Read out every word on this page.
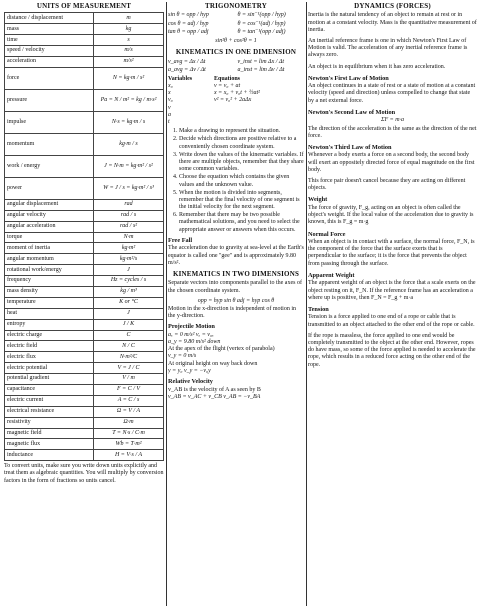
UNITS OF MEASUREMENT
distance / displacement	m
mass	kg
time	s
speed / velocity	m/s
acceleration	m/s²
force	N = kg·m / s²
pressure	Pa = N / m² = kg / m·s²
impulse	N·s = kg·m / s
momentum	kg·m / s
work / energy	J = N·m = kg·m² / s²
power	W = J / s = kg·m² / s³
angular displacement	rad
angular velocity	rad / s
angular acceleration	rad / s²
torque	N·m
moment of inertia	kg·m²
angular momentum	kg·m²/s
rotational work/energy	J
frequency	Hz = cycles / s
mass density	kg / m³
temperature	K or °C
heat	J
entropy	J / K
electric charge	C
electric field	N / C
electric flux	N·m²/C
electric potential	V = J / C
potential gradient	V / m
capacitance	F = C / V
electric current	A = C / s
electrical resistance	Ω = V / A
resistivity	Ω·m
magnetic field	T = N·s / C·m
magnetic flux	Wb = T·m²
inductance	H = V·s / A

To convert units, make sure you write down units explicitly and treat them as algebraic quantities. You will multiply by conversion factors in the form of fractions so units cancel.

TRIGONOMETRY
sin θ = opp / hyp	θ = sin⁻¹(opp / hyp)
cos θ = adj / hyp	θ = cos⁻¹(adj / hyp)
tan θ = opp / adj	θ = tan⁻¹(opp / adj)
sin²θ + cos²θ = 1
KINEMATICS IN ONE DIMENSION
v_avg = Δx / Δt	v_inst = lim Δx / Δt
a_avg = Δv / Δt	a_inst = lim Δv / Δt
Variables	Equations
x₀	v = v₀ + at
x	x = x₀ + v₀t + ½at²
v₀	v² = v₀² + 2aΔx
v
a
t
1. Make a drawing to represent the situation.
2. Decide which directions are positive relative to a conveniently chosen coordinate system.
3. Write down the values of the kinematic variables. If there are multiple objects, remember that they share some common variables.
4. Choose the equation which contains the given values and the unknown value.
5. When the motion is divided into segments, remember that the final velocity of one segment is the initial velocity for the next segment.
6. Remember that there may be two possible mathematical solutions, and you need to select the appropriate answer or answers when this occurs.
Free Fall

The acceleration due to gravity at sea-level at the Earth's equator is called one "gee" and is approximately 9.80 m/s².

KINEMATICS IN TWO DIMENSIONS

Separate vectors into components parallel to the axes of the chosen coordinate system.

opp = hyp sin θ adj = hyp cos θ

Motion in the x-direction is independent of motion in the y-direction.

Projectile Motion
aₓ = 0 m/s² vₓ = v₀ₓ
a_y = 9.80 m/s² down
At the apex of the flight (vertex of parabola)
v_y = 0 m/s
At original height on way back down
y = y₀ v_y = −v₀y
Relative Velocity
v_AB is the velocity of A as seen by B
v_AB = v_AC + v_CB v_AB = −v_BA
DYNAMICS (FORCES)

Inertia is the natural tendency of an object to remain at rest or in motion at a constant velocity. Mass is the quantitative measurement of inertia.

An inertial reference frame is one in which Newton's First Law of Motion is valid. The acceleration of any inertial reference frame is always zero.

An object is in equilibrium when it has zero acceleration.

Newton's First Law of Motion

An object continues in a state of rest or a state of motion at a constant velocity (speed and direction) unless compelled to change that state by a net external force.

Newton's Second Law of Motion
ΣF = m·a

The direction of the acceleration is the same as the direction of the net force.

Newton's Third Law of Motion

Whenever a body exerts a force on a second body, the second body will exert an oppositely directed force of equal magnitude on the first body.

This force pair doesn't cancel because they are acting on different objects.

Weight

The force of gravity, F_g, acting on an object is often called the object's weight. If the local value of the acceleration due to gravity is known, this is F_g = m·g

Normal Force

When an object is in contact with a surface, the normal force, F_N, is the component of the force that the surface exerts that is perpendicular to the surface; it is the force that prevents the object from passing through the surface.

Apparent Weight

The apparent weight of an object is the force that a scale exerts on the object resting on it, F_N. If the reference frame has an acceleration a where up is positive, then F_N = F_g + m·a

Tension

Tension is a force applied to one end of a rope or cable that is transmitted to an object attached to the other end of the rope or cable.

If the rope is massless, the force applied to one end would be completely transmitted to the object at the other end. However, ropes do have mass, so some of the force applied is needed to accelerate the rope, which results in a reduced force acting on the other end of the rope.
